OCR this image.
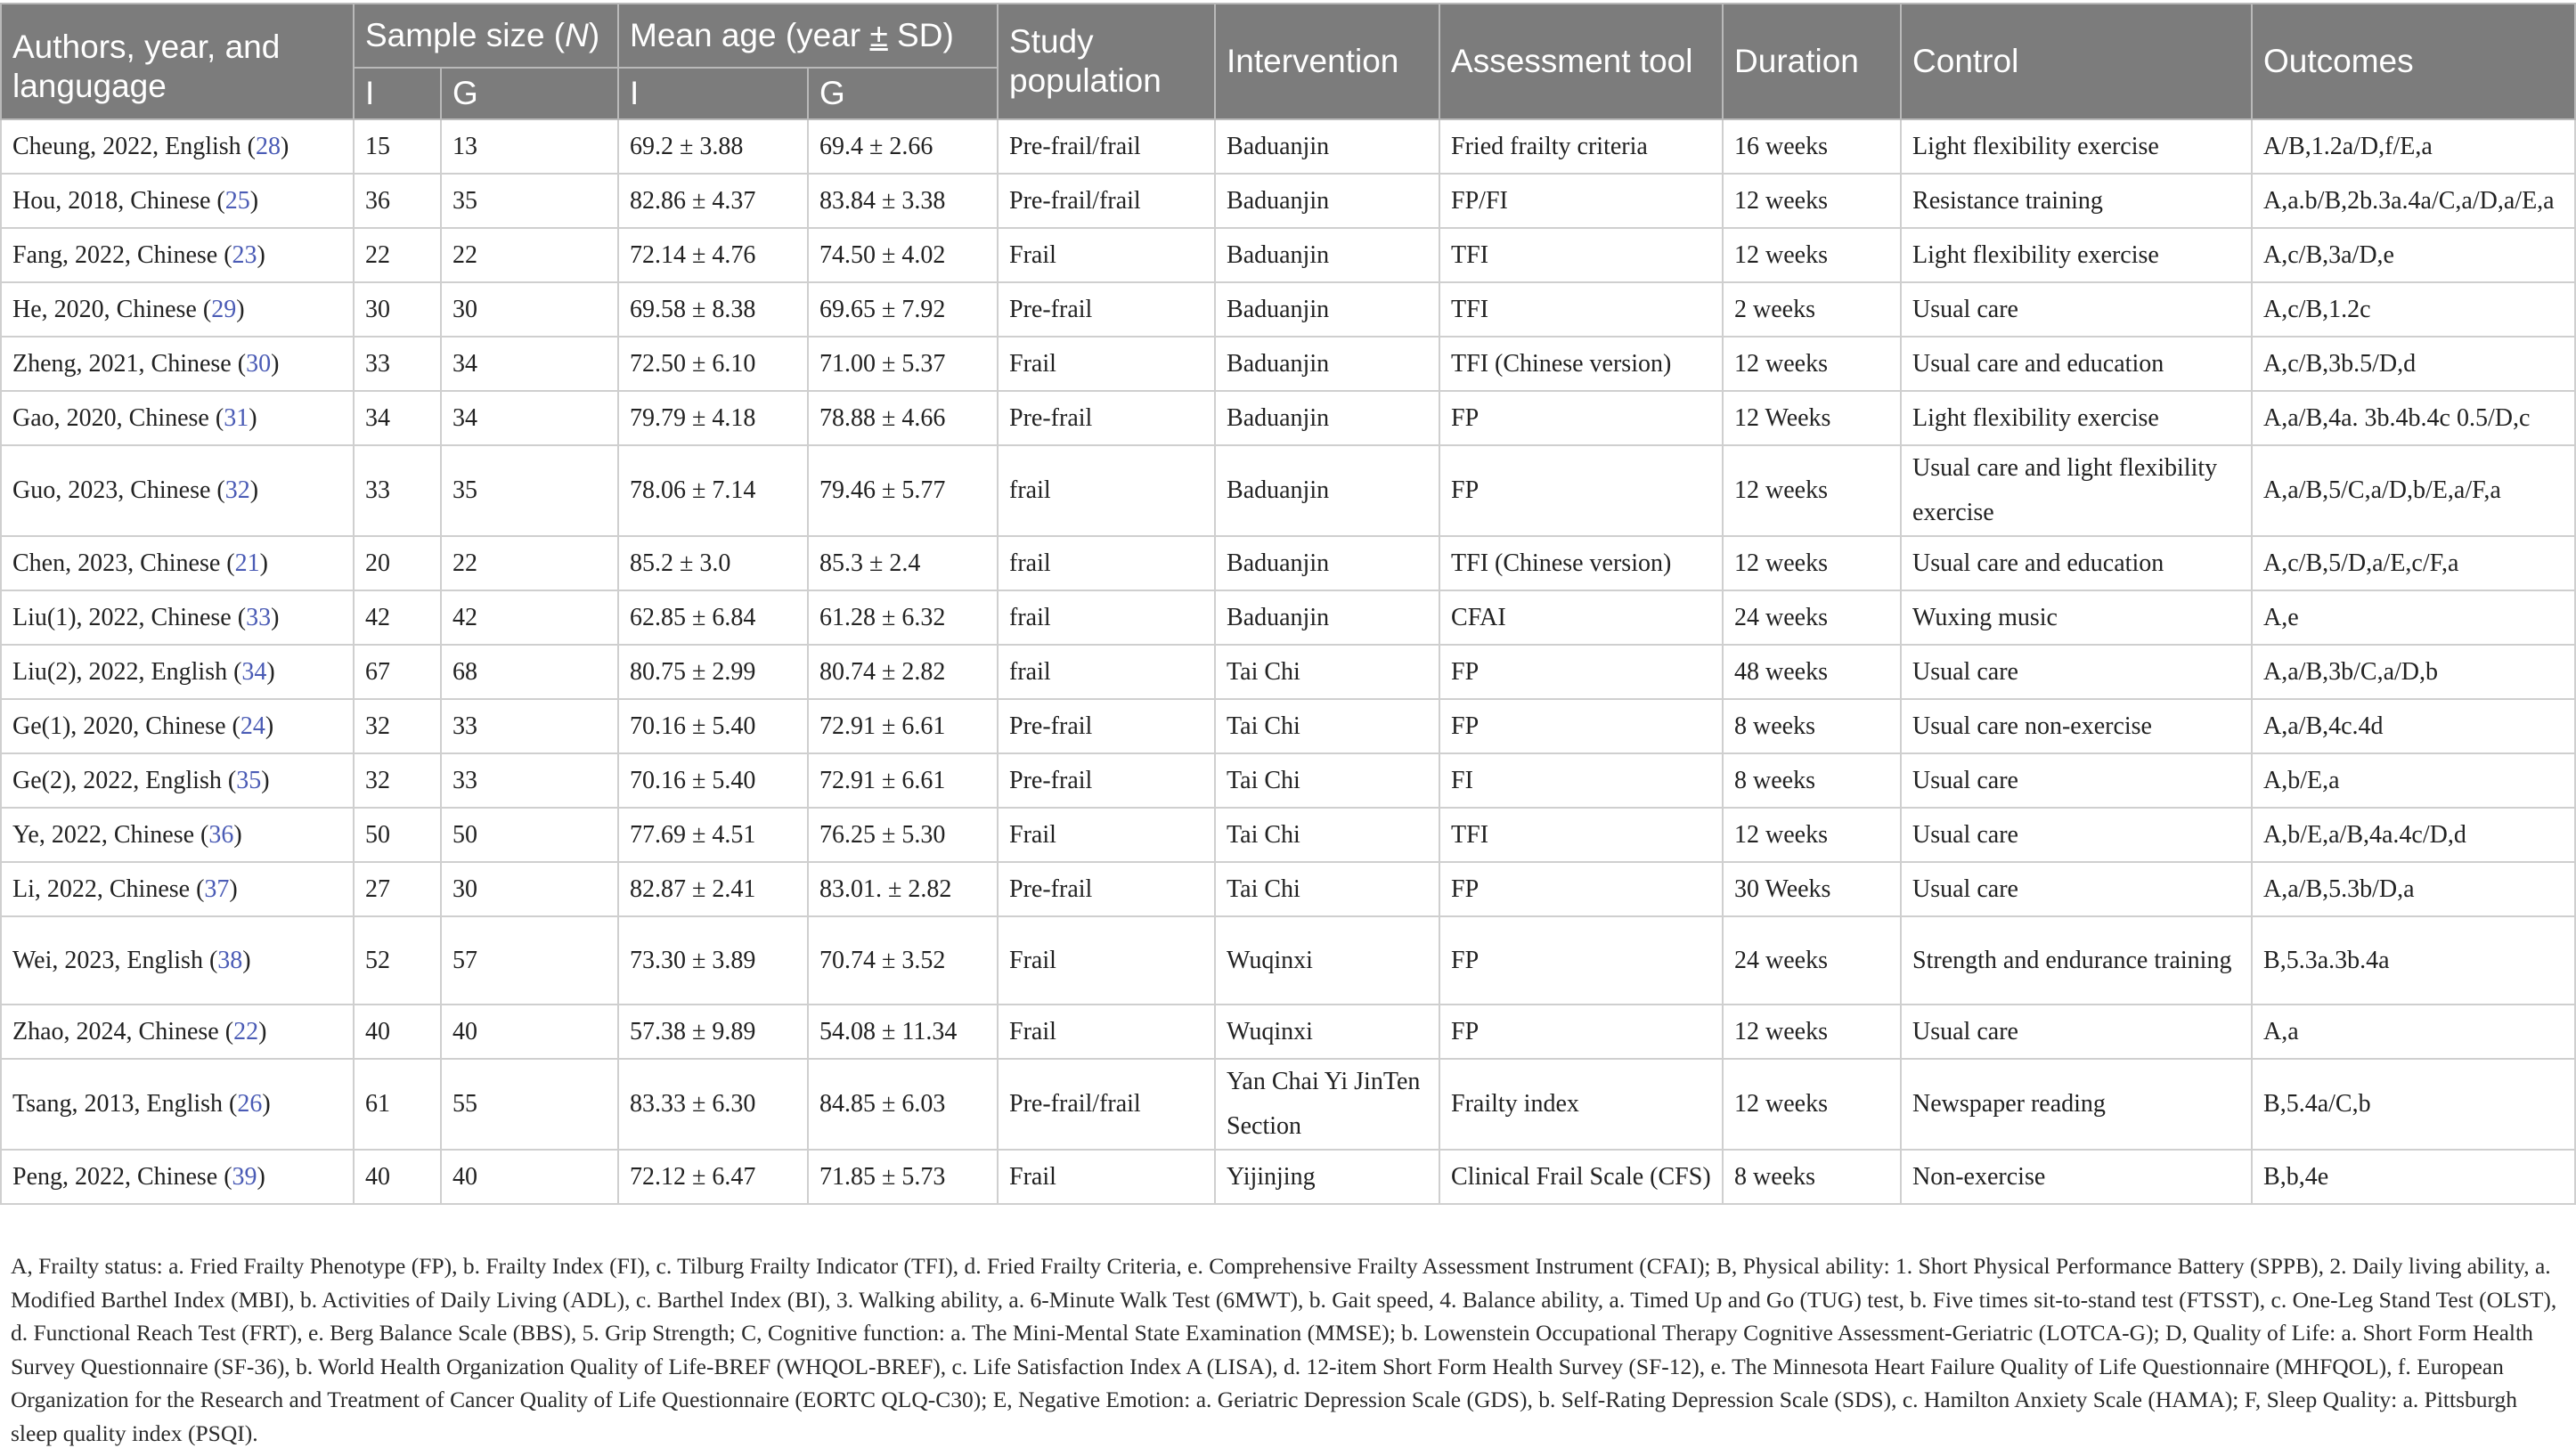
Authors, year, and langugage	Sample size (N)		Mean age (year ± SD)		Study population	Intervention	Assessment tool	Duration	Control	Outcomes
	I	G	I	G						
Cheung, 2022, English (28)	15	13	69.2 ± 3.88	69.4 ± 2.66	Pre-frail/frail	Baduanjin	Fried frailty criteria	16 weeks	Light flexibility exercise	A/B,1.2a/D,f/E,a
Hou, 2018, Chinese (25)	36	35	82.86 ± 4.37	83.84 ± 3.38	Pre-frail/frail	Baduanjin	FP/FI	12 weeks	Resistance training	A,a.b/B,2b.3a.4a/C,a/D,a/E,a
Fang, 2022, Chinese (23)	22	22	72.14 ± 4.76	74.50 ± 4.02	Frail	Baduanjin	TFI	12 weeks	Light flexibility exercise	A,c/B,3a/D,e
He, 2020, Chinese (29)	30	30	69.58 ± 8.38	69.65 ± 7.92	Pre-frail	Baduanjin	TFI	2 weeks	Usual care	A,c/B,1.2c
Zheng, 2021, Chinese (30)	33	34	72.50 ± 6.10	71.00 ± 5.37	Frail	Baduanjin	TFI (Chinese version)	12 weeks	Usual care and education	A,c/B,3b.5/D,d
Gao, 2020, Chinese (31)	34	34	79.79 ± 4.18	78.88 ± 4.66	Pre-frail	Baduanjin	FP	12 Weeks	Light flexibility exercise	A,a/B,4a. 3b.4b.4c 0.5/D,c
Guo, 2023, Chinese (32)	33	35	78.06 ± 7.14	79.46 ± 5.77	frail	Baduanjin	FP	12 weeks	Usual care and light flexibility exercise	A,a/B,5/C,a/D,b/E,a/F,a
Chen, 2023, Chinese (21)	20	22	85.2 ± 3.0	85.3 ± 2.4	frail	Baduanjin	TFI (Chinese version)	12 weeks	Usual care and education	A,c/B,5/D,a/E,c/F,a
Liu(1), 2022, Chinese (33)	42	42	62.85 ± 6.84	61.28 ± 6.32	frail	Baduanjin	CFAI	24 weeks	Wuxing music	A,e
Liu(2), 2022, English (34)	67	68	80.75 ± 2.99	80.74 ± 2.82	frail	Tai Chi	FP	48 weeks	Usual care	A,a/B,3b/C,a/D,b
Ge(1), 2020, Chinese (24)	32	33	70.16 ± 5.40	72.91 ± 6.61	Pre-frail	Tai Chi	FP	8 weeks	Usual care non-exercise	A,a/B,4c.4d
Ge(2), 2022, English (35)	32	33	70.16 ± 5.40	72.91 ± 6.61	Pre-frail	Tai Chi	FI	8 weeks	Usual care	A,b/E,a
Ye, 2022, Chinese (36)	50	50	77.69 ± 4.51	76.25 ± 5.30	Frail	Tai Chi	TFI	12 weeks	Usual care	A,b/E,a/B,4a.4c/D,d
Li, 2022, Chinese (37)	27	30	82.87 ± 2.41	83.01. ± 2.82	Pre-frail	Tai Chi	FP	30 Weeks	Usual care	A,a/B,5.3b/D,a
Wei, 2023, English (38)	52	57	73.30 ± 3.89	70.74 ± 3.52	Frail	Wuqinxi	FP	24 weeks	Strength and endurance training	B,5.3a.3b.4a
Zhao, 2024, Chinese (22)	40	40	57.38 ± 9.89	54.08 ± 11.34	Frail	Wuqinxi	FP	12 weeks	Usual care	A,a
Tsang, 2013, English (26)	61	55	83.33 ± 6.30	84.85 ± 6.03	Pre-frail/frail	Yan Chai Yi JinTen Section	Frailty index	12 weeks	Newspaper reading	B,5.4a/C,b
Peng, 2022, Chinese (39)	40	40	72.12 ± 6.47	71.85 ± 5.73	Frail	Yijinjing	Clinical Frail Scale (CFS)	8 weeks	Non-exercise	B,b,4e
A, Frailty status: a. Fried Frailty Phenotype (FP), b. Frailty Index (FI), c. Tilburg Frailty Indicator (TFI), d. Fried Frailty Criteria, e. Comprehensive Frailty Assessment Instrument (CFAI); B, Physical ability: 1. Short Physical Performance Battery (SPPB), 2. Daily living ability, a. Modified Barthel Index (MBI), b. Activities of Daily Living (ADL), c. Barthel Index (BI), 3. Walking ability, a. 6-Minute Walk Test (6MWT), b. Gait speed, 4. Balance ability, a. Timed Up and Go (TUG) test, b. Five times sit-to-stand test (FTSST), c. One-Leg Stand Test (OLST), d. Functional Reach Test (FRT), e. Berg Balance Scale (BBS), 5. Grip Strength; C, Cognitive function: a. The Mini-Mental State Examination (MMSE); b. Lowenstein Occupational Therapy Cognitive Assessment-Geriatric (LOTCA-G); D, Quality of Life: a. Short Form Health Survey Questionnaire (SF-36), b. World Health Organization Quality of Life-BREF (WHQOL-BREF), c. Life Satisfaction Index A (LISA), d. 12-item Short Form Health Survey (SF-12), e. The Minnesota Heart Failure Quality of Life Questionnaire (MHFQOL), f. European Organization for the Research and Treatment of Cancer Quality of Life Questionnaire (EORTC QLQ-C30); E, Negative Emotion: a. Geriatric Depression Scale (GDS), b. Self-Rating Depression Scale (SDS), c. Hamilton Anxiety Scale (HAMA); F, Sleep Quality: a. Pittsburgh sleep quality index (PSQI).
